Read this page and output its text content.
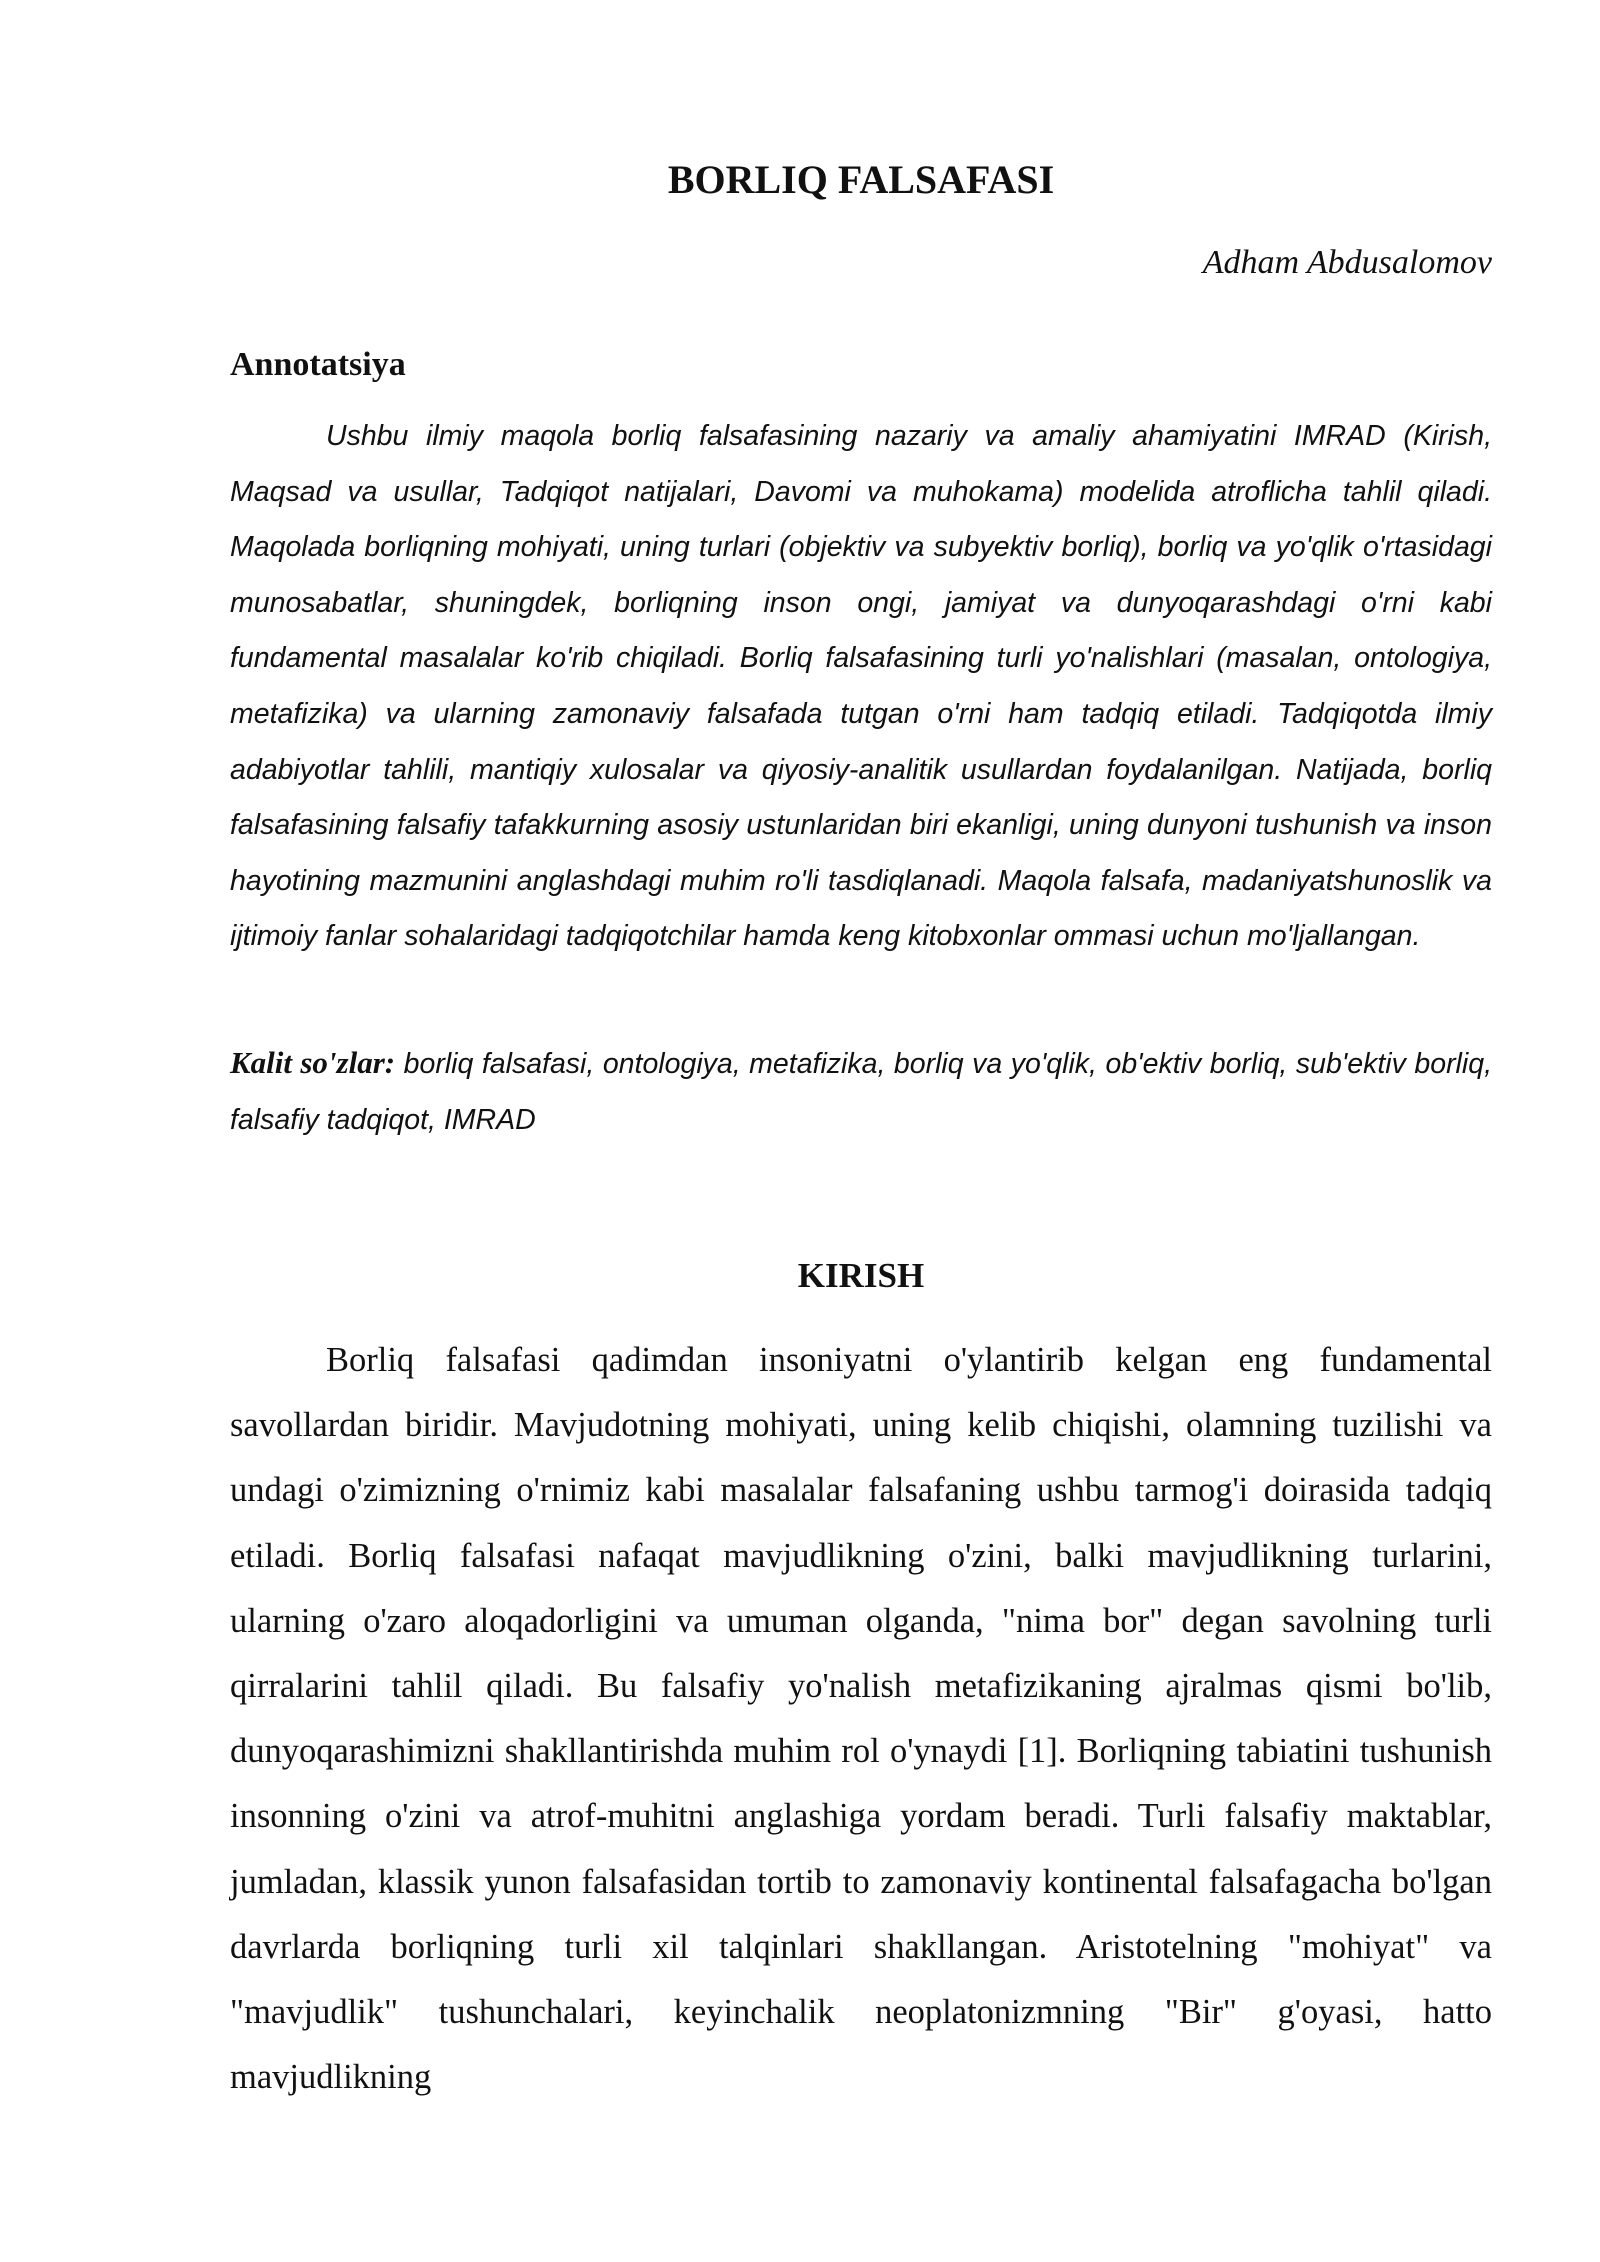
BORLIQ FALSAFASI

Adham Abdusalomov

Annotatsiya

Ushbu ilmiy maqola borliq falsafasining nazariy va amaliy ahamiyatini IMRAD (Kirish, Maqsad va usullar, Tadqiqot natijalari, Davomi va muhokama) modelida atroflicha tahlil qiladi. Maqolada borliqning mohiyati, uning turlari (objektiv va subyektiv borliq), borliq va yo'qlik o'rtasidagi munosabatlar, shuningdek, borliqning inson ongi, jamiyat va dunyoqarashdagi o'rni kabi fundamental masalalar ko'rib chiqiladi. Borliq falsafasining turli yo'nalishlari (masalan, ontologiya, metafizika) va ularning zamonaviy falsafada tutgan o'rni ham tadqiq etiladi. Tadqiqotda ilmiy adabiyotlar tahlili, mantiqiy xulosalar va qiyosiy-analitik usullardan foydalanilgan. Natijada, borliq falsafasining falsafiy tafakkurning asosiy ustunlaridan biri ekanligi, uning dunyoni tushunish va inson hayotining mazmunini anglashdagi muhim ro'li tasdiqlanadi. Maqola falsafa, madaniyatshunoslik va ijtimoiy fanlar sohalaridagi tadqiqotchilar hamda keng kitobxonlar ommasi uchun mo'ljallangan.

Kalit so'zlar: borliq falsafasi, ontologiya, metafizika, borliq va yo'qlik, ob'ektiv borliq, sub'ektiv borliq, falsafiy tadqiqot, IMRAD

KIRISH

Borliq falsafasi qadimdan insoniyatni o'ylantirib kelgan eng fundamental savollardan biridir. Mavjudotning mohiyati, uning kelib chiqishi, olamning tuzilishi va undagi o'zimizning o'rnimiz kabi masalalar falsafaning ushbu tarmog'i doirasida tadqiq etiladi. Borliq falsafasi nafaqat mavjudlikning o'zini, balki mavjudlikning turlarini, ularning o'zaro aloqadorligini va umuman olganda, "nima bor" degan savolning turli qirralarini tahlil qiladi. Bu falsafiy yo'nalish metafizikaning ajralmas qismi bo'lib, dunyoqarashimizni shakllantirishda muhim rol o'ynaydi [1]. Borliqning tabiatini tushunish insonning o'zini va atrof-muhitni anglashiga yordam beradi. Turli falsafiy maktablar, jumladan, klassik yunon falsafasidan tortib to zamonaviy kontinental falsafagacha bo'lgan davrlarda borliqning turli xil talqinlari shakllangan. Aristotelning "mohiyat" va "mavjudlik" tushunchalari, keyinchalik neoplatonizmning "Bir" g'oyasi, hatto mavjudlikning
